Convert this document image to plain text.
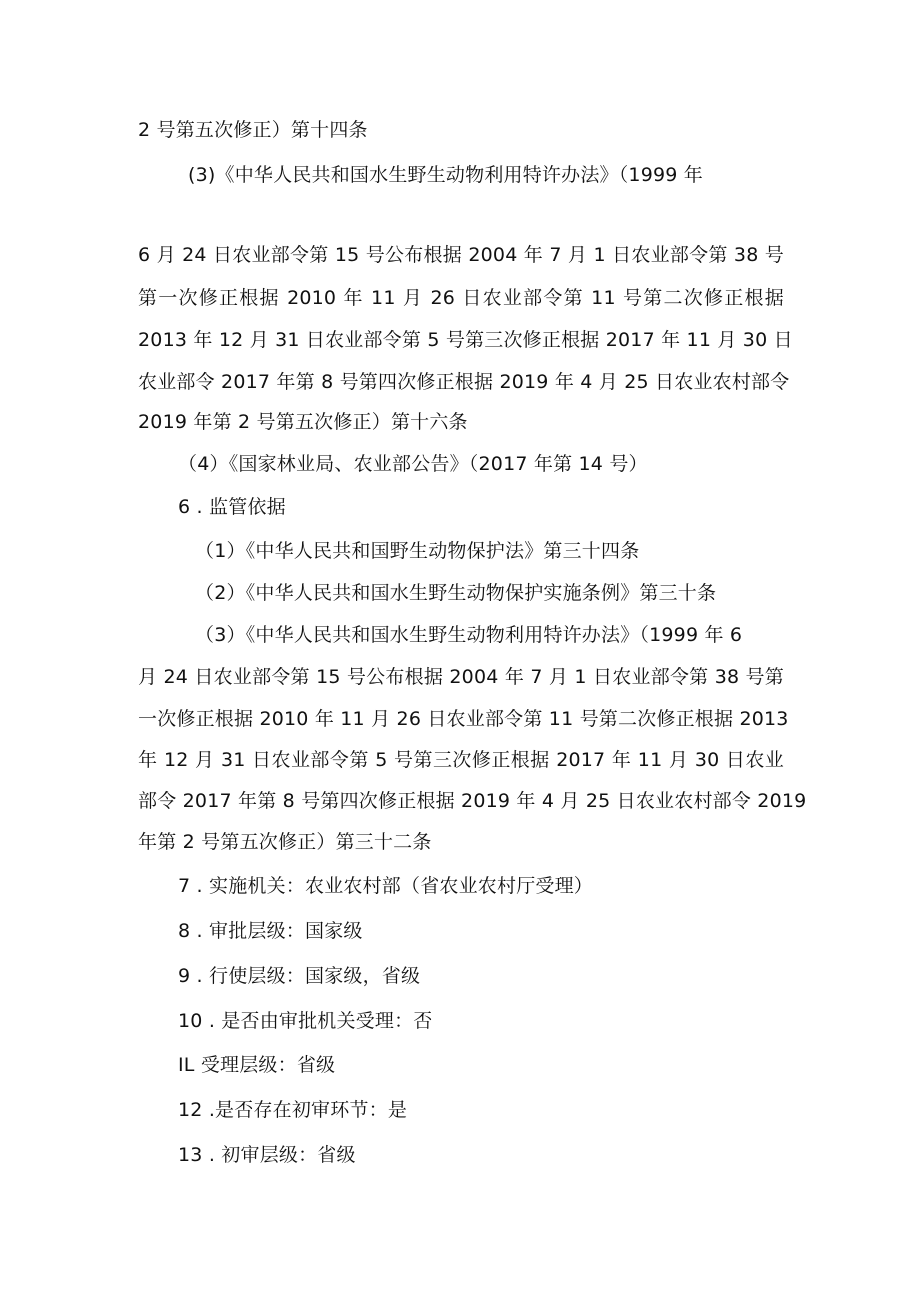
2 号第五次修正）第十四条
(3)《中华人民共和国水生野生动物利用特许办法》（1999 年
6 月 24 日农业部令第 15 号公布根据 2004 年 7 月 1 日农业部令第 38 号
第一次修正根据 2010 年 11 月 26 日农业部令第 11 号第二次修正根据
2013 年 12 月 31 日农业部令第 5 号第三次修正根据 2017 年 11 月 30 日
农业部令 2017 年第 8 号第四次修正根据 2019 年 4 月 25 日农业农村部令
2019 年第 2 号第五次修正）第十六条
（4）《国家林业局、农业部公告》（2017 年第 14 号）
6 . 监管依据
（1）《中华人民共和国野生动物保护法》第三十四条
（2）《中华人民共和国水生野生动物保护实施条例》第三十条
（3）《中华人民共和国水生野生动物利用特许办法》（1999 年 6
月 24 日农业部令第 15 号公布根据 2004 年 7 月 1 日农业部令第 38 号第
一次修正根据 2010 年 11 月 26 日农业部令第 11 号第二次修正根据 2013
年 12 月 31 日农业部令第 5 号第三次修正根据 2017 年 11 月 30 日农业
部令 2017 年第 8 号第四次修正根据 2019 年 4 月 25 日农业农村部令 2019
年第 2 号第五次修正）第三十二条
7 . 实施机关：农业农村部（省农业农村厅受理）
8 . 审批层级：国家级
9 . 行使层级：国家级，省级
10 . 是否由审批机关受理：否
IL 受理层级：省级
12 .是否存在初审环节：是
13 . 初审层级：省级
